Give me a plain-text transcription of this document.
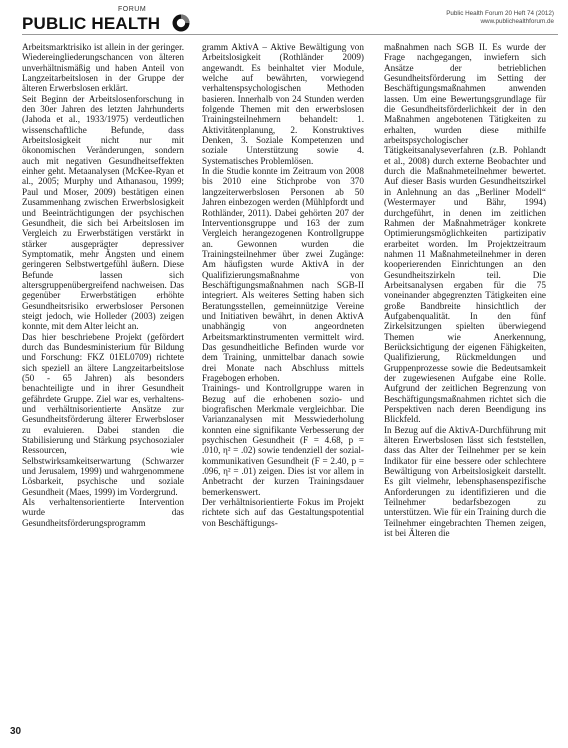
FORUM
PUBLIC HEALTH
Public Health Forum 20 Heft 74 (2012)
www.publichealthforum.de

Arbeitsmarktrisiko ist allein in der geringer. Wiedereingliederungschancen von älteren unverhältnismäßig und haben Anteil von Langzeitarbeitslosen in der Gruppe der älteren Erwerbslosen erklärt.

Seit Beginn der Arbeitslosenforschung in den 30er Jahren des letzten Jahrhunderts (Jahoda et al., 1933/1975) verdeutlichen wissenschaftliche Befunde, dass Arbeitslosigkeit nicht nur mit ökonomischen Veränderungen, sondern auch mit negativen Gesundheitseffekten einher geht. Metaanalysen (McKee-Ryan et al., 2005; Murphy und Athanasou, 1999; Paul und Moser, 2009) bestätigen einen Zusammenhang zwischen Erwerbslosigkeit und Beeinträchtigungen der psychischen Gesundheit, die sich bei Arbeitslosen im Vergleich zu Erwerbstätigen verstärkt in stärker ausgeprägter depressiver Symptomatik, mehr Ängsten und einem geringeren Selbstwertgefühl äußern. Diese Befunde lassen sich altersgruppenübergreifend nachweisen. Das gegenüber Erwerbstätigen erhöhte Gesundheitsrisiko erwerbsloser Personen steigt jedoch, wie Holleder (2003) zeigen konnte, mit dem Alter leicht an.

Das hier beschriebene Projekt (gefördert durch das Bundesministerium für Bildung und Forschung: FKZ 01EL0709) richtete sich speziell an ältere Langzeitarbeitslose (50 - 65 Jahren) als besonders benachteiligte und in ihrer Gesundheit gefährdete Gruppe. Ziel war es, verhaltens- und verhältnisorientierte Ansätze zur Gesundheitsförderung älterer Erwerbsloser zu evaluieren. Dabei standen die Stabilisierung und Stärkung psychosozialer Ressourcen, wie Selbstwirksamkeitserwartung (Schwarzer und Jerusalem, 1999) und wahrgenommene Lösbarkeit, psychische und soziale Gesundheit (Maes, 1999) im Vordergrund.

Als verhaltensorientierte Intervention wurde das Gesundheitsförderungsprogramm

gramm AktivA – Aktive Bewältigung von Arbeitslosigkeit (Rothländer 2009) angewandt. Es beinhaltet vier Module, welche auf bewährten, vorwiegend verhaltenspsychologischen Methoden basieren. Innerhalb von 24 Stunden werden folgende Themen mit den erwerbslosen Trainingsteilnehmern behandelt: 1. Aktivitätenplanung, 2. Konstruktives Denken, 3. Soziale Kompetenzen und soziale Unterstützung sowie 4. Systematisches Problemlösen.

In die Studie konnte im Zeitraum von 2008 bis 2010 eine Stichprobe von 370 langzeiterwerbslosen Personen ab 50 Jahren einbezogen werden (Mühlpfordt und Rothländer, 2011). Dabei gehörten 207 der Interventionsgruppe und 163 der zum Vergleich herangezogenen Kontrollgruppe an. Gewonnen wurden die Trainingsteilnehmer über zwei Zugänge: Am häufigsten wurde AktivA in der Qualifizierungsmaßnahme von Beschäftigungsmaßnahmen nach SGB-II integriert. Als weiteres Setting haben sich Beratungsstellen, gemeinnützige Vereine und Initiativen bewährt, in denen AktivA unabhängig von angeordneten Arbeitsmarktinstrumenten vermittelt wird. Das gesundheitliche Befinden wurde vor dem Training, unmittelbar danach sowie drei Monate nach Abschluss mittels Fragebogen erhoben.

Trainings- und Kontrollgruppe waren in Bezug auf die erhobenen sozio- und biografischen Merkmale vergleichbar. Die Varianzanalysen mit Messwiederholung konnten eine signifikante Verbesserung der psychischen Gesundheit (F = 4.68, p = .010, η² = .02) sowie tendenziell der sozial-kommunikativen Gesundheit (F = 2.40, p = .096, η² = .01) zeigen. Dies ist vor allem in Anbetracht der kurzen Trainingsdauer bemerkenswert.

Der verhältnisorientierte Fokus im Projekt richtete sich auf das Gestaltungspotential von Beschäftigungs-

maßnahmen nach SGB II. Es wurde der Frage nachgegangen, inwiefern sich Ansätze der betrieblichen Gesundheitsförderung im Setting der Beschäftigungsmaßnahmen anwenden lassen. Um eine Bewertungsgrundlage für die Gesundheitsförderlichkeit der in den Maßnahmen angebotenen Tätigkeiten zu erhalten, wurden diese mithilfe arbeitspsychologischer Tätigkeitsanalyseverfahren (z.B. Pohlandt et al., 2008) durch externe Beobachter und durch die Maßnahmeteilnehmer bewertet. Auf dieser Basis wurden Gesundheitszirkel in Anlehnung an das „Berliner Modell“ (Westermayer und Bähr, 1994) durchgeführt, in denen im zeitlichen Rahmen der Maßnahmeträger konkrete Optimierungsmöglichkeiten partizipativ erarbeitet worden. Im Projektzeitraum nahmen 11 Maßnahmeteilnehmer in deren kooperierenden Einrichtungen an den Gesundheitszirkeln teil. Die Arbeitsanalysen ergaben für die 75 voneinander abgegrenzten Tätigkeiten eine große Bandbreite hinsichtlich der Aufgabenqualität. In den fünf Zirkelsitzungen spielten überwiegend Themen wie Anerkennung, Berücksichtigung der eigenen Fähigkeiten, Qualifizierung, Rückmeldungen und Gruppenprozesse sowie die Bedeutsamkeit der zugewiesenen Aufgabe eine Rolle. Aufgrund der zeitlichen Begrenzung von Beschäftigungsmaßnahmen richtet sich die Perspektiven nach deren Beendigung ins Blickfeld.

In Bezug auf die AktivA-Durchführung mit älteren Erwerbslosen lässt sich feststellen, dass das Alter der Teilnehmer per se kein Indikator für eine bessere oder schlechtere Bewältigung von Arbeitslosigkeit darstellt. Es gilt vielmehr, lebensphasenspezifische Anforderungen zu identifizieren und die Teilnehmer bedarfsbezogen zu unterstützen. Wie für ein Training durch die Teilnehmer eingebrachten Themen zeigen, ist bei Älteren die

30
